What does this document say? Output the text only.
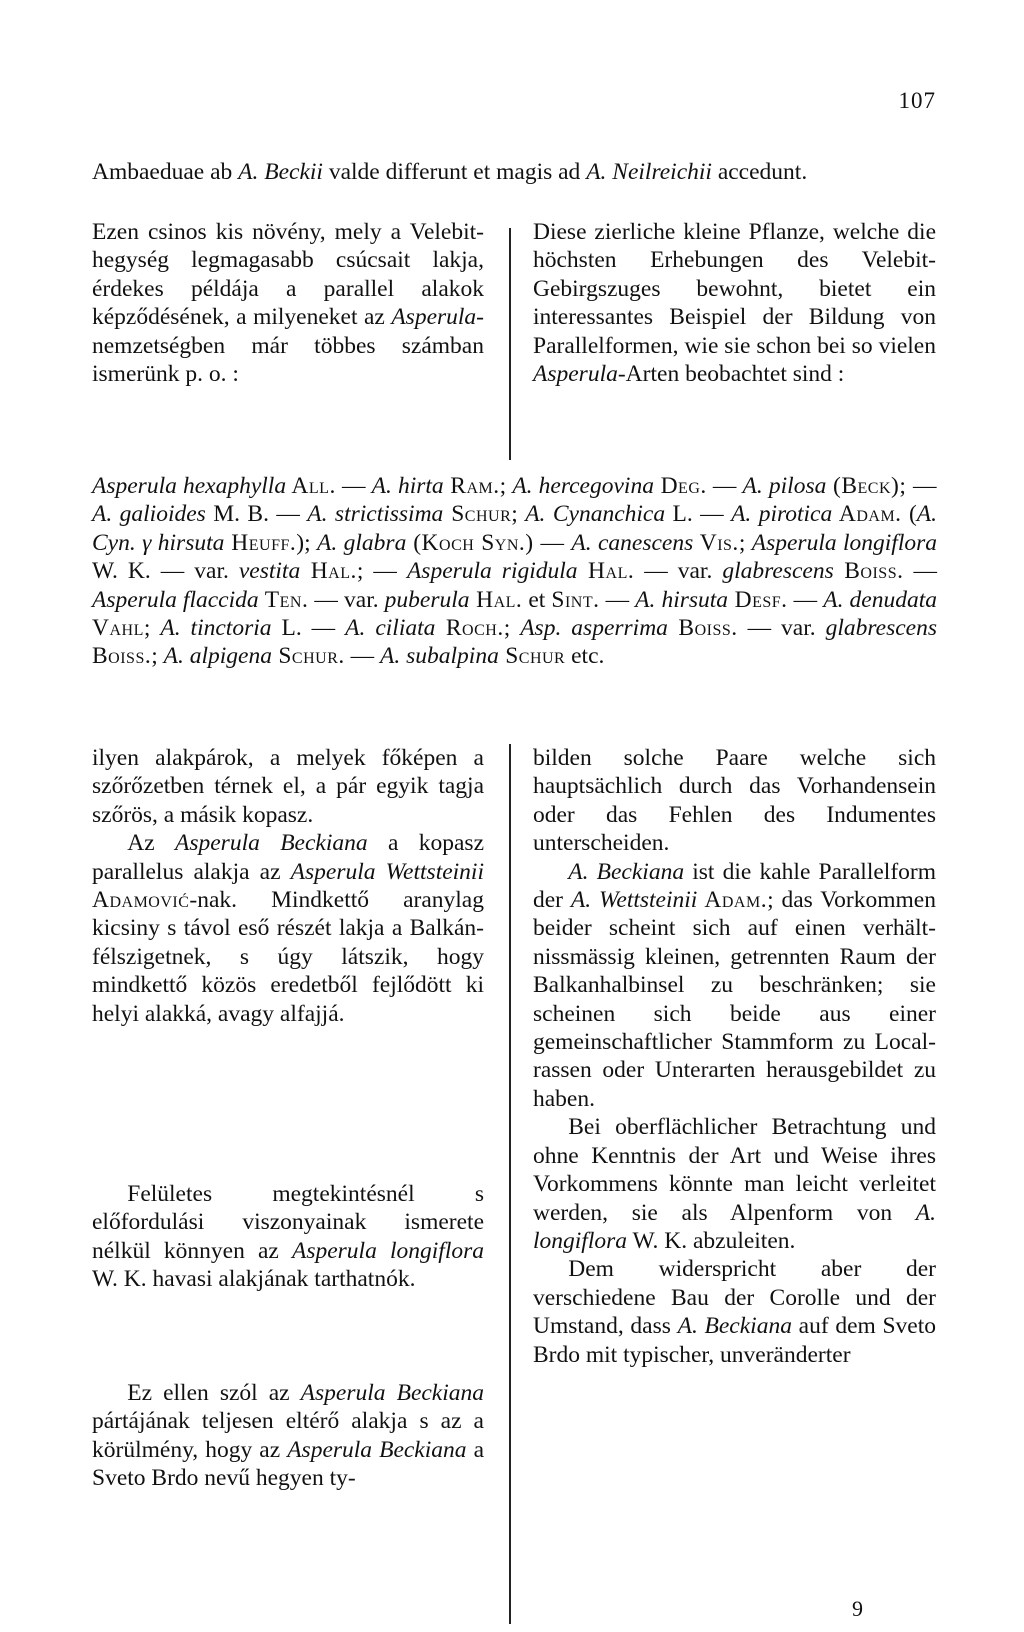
107
Ambaeduae ab A. Beckii valde differunt et magis ad A. Neilreichii accedunt.
Ezen csinos kis növény, mely a Velebit-hegység legmagasabb csúcsait lakja, érdekes példája a parallel alakok képződésének, a milyeneket az Asperula-nemzetségben már többes számban ismerünk p. o. :
Diese zierliche kleine Pflanze, welche die höchsten Erhebungen des Velebit-Gebirgszuges bewohnt, bietet ein interessantes Beispiel der Bildung von Parallelformen, wie sie schon bei so vielen Asperula-Arten beobachtet sind :
Asperula hexaphylla All. — A. hirta Ram.; A. hercegovina Deg. — A. pilosa (Beck); — A. galioides M. B. — A. strictissima Schur; A. Cynanchica L. — A. pirotica Adam. (A. Cyn. γ hirsuta Heuff.); A. glabra (Koch Syn.) — A. canescens Vis.; Asperula longiflora W. K. — var. vestita Hal.; — Asperula rigidula Hal. — var. glabrescens Boiss. — Asperula flaccida Ten. — var. puberula Hal. et Sint. — A. hirsuta Desf. — A. denudata Vahl; A. tinctoria L. — A. ciliata Roch.; Asp. asperrima Boiss. — var. glabrescens Boiss.; A. alpigena Schur. — A. subalpina Schur etc.

ilyen alakpárok, a melyek főképen a szőrőzetben térnek el, a pár egyik tagja szőrös, a másik kopasz.

Az Asperula Beckiana a kopasz parallelus alakja az Asperula Wettsteinii Adamović-nak. Mindkettő aranylag kicsiny s távol eső részét lakja a Balkánfélszigetnek, s úgy látszik, hogy mindkettő közös eredetből fejlődött ki helyi alakká, avagy alfajjá.

Felületes megtekintésnél s előfordulási viszonyainak ismerete nélkül könnyen az Asperula longiflora W. K. havasi alakjának tarthatnók.
Ez ellen szól az Asperula Beckiana pártájának teljesen eltérő alakja s az a körülmény, hogy az Asperula Beckiana a Sveto Brdo nevű hegyen ty-

bilden solche Paare welche sich hauptsächlich durch das Vorhandensein oder das Fehlen des Indumentes unterscheiden.

A. Beckiana ist die kahle Parallelform der A. Wettsteinii Adam.; das Vorkommen beider scheint sich auf einen verhältnissmässig kleinen, getrennten Raum der Balkanhalbinsel zu beschränken; sie scheinen sich beide aus einer gemeinschaftlicher Stammform zu Localrassen oder Unterarten herausgebildet zu haben.

Bei oberflächlicher Betrachtung und ohne Kenntnis der Art und Weise ihres Vorkommens könnte man leicht verleitet werden, sie als Alpenform von A. longiflora W. K. abzuleiten.

Dem widerspricht aber der verschiedene Bau der Corolle und der Umstand, dass A. Beckiana auf dem Sveto Brdo mit typischer, unveränderter

9
